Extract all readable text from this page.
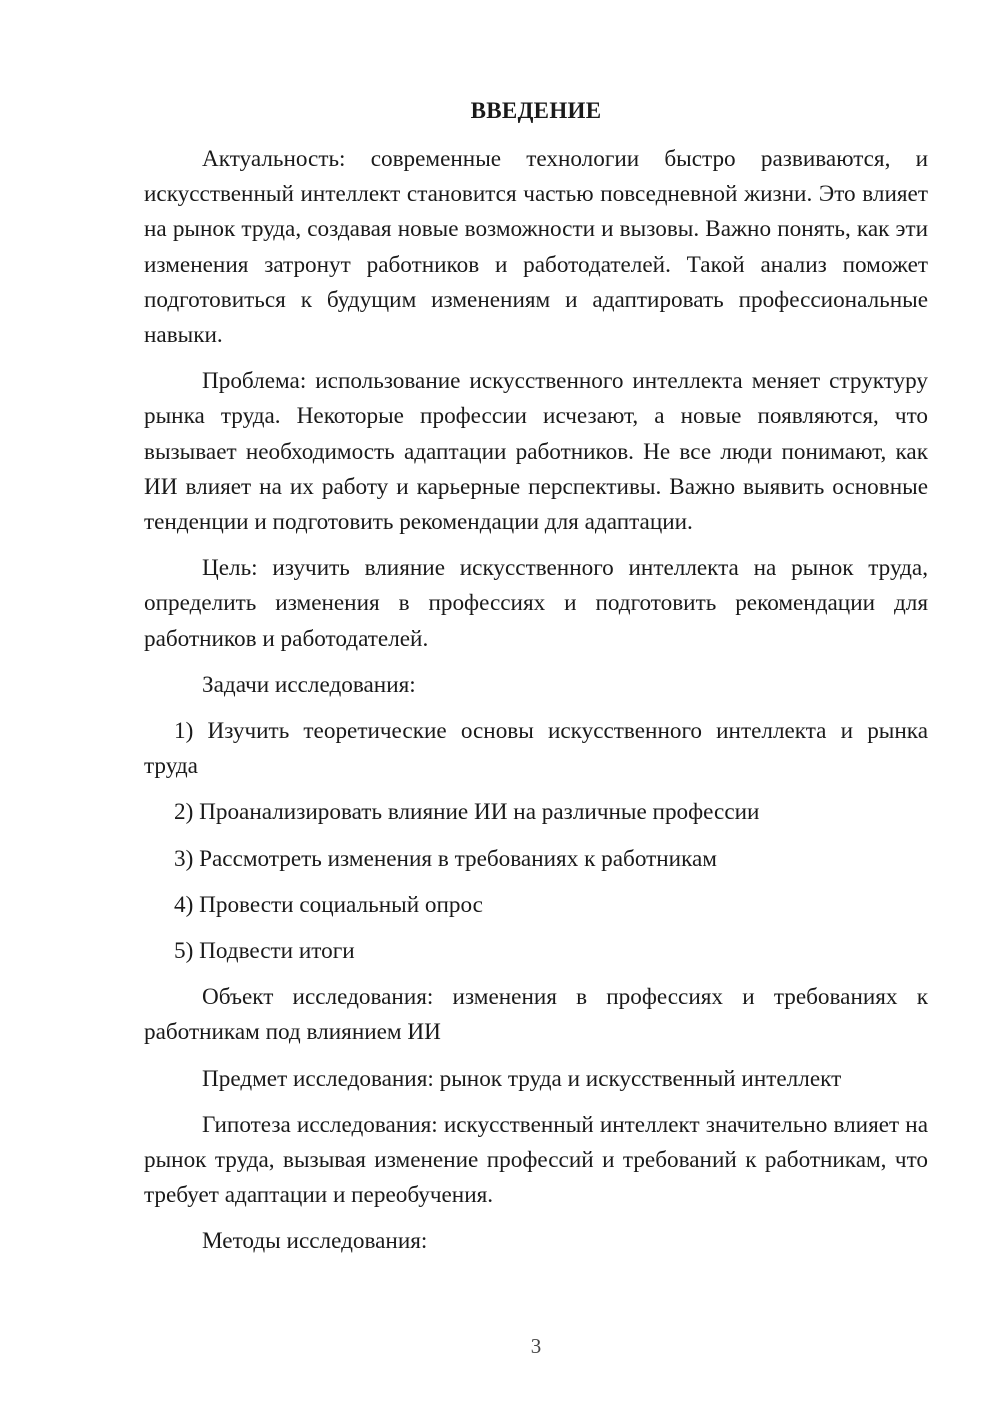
ВВЕДЕНИЕ

Актуальность: современные технологии быстро развиваются, и искусственный интеллект становится частью повседневной жизни. Это влияет на рынок труда, создавая новые возможности и вызовы. Важно понять, как эти изменения затронут работников и работодателей. Такой анализ поможет подготовиться к будущим изменениям и адаптировать профессиональные навыки.

Проблема: использование искусственного интеллекта меняет структуру рынка труда. Некоторые профессии исчезают, а новые появляются, что вызывает необходимость адаптации работников. Не все люди понимают, как ИИ влияет на их работу и карьерные перспективы. Важно выявить основные тенденции и подготовить рекомендации для адаптации.

Цель: изучить влияние искусственного интеллекта на рынок труда, определить изменения в профессиях и подготовить рекомендации для работников и работодателей.

Задачи исследования:

1) Изучить теоретические основы искусственного интеллекта и рынка труда

2) Проанализировать влияние ИИ на различные профессии

3) Рассмотреть изменения в требованиях к работникам

4) Провести социальный опрос

5) Подвести итоги

Объект исследования: изменения в профессиях и требованиях к работникам под влиянием ИИ

Предмет исследования: рынок труда и искусственный интеллект

Гипотеза исследования: искусственный интеллект значительно влияет на рынок труда, вызывая изменение профессий и требований к работникам, что требует адаптации и переобучения.

Методы исследования:

3
